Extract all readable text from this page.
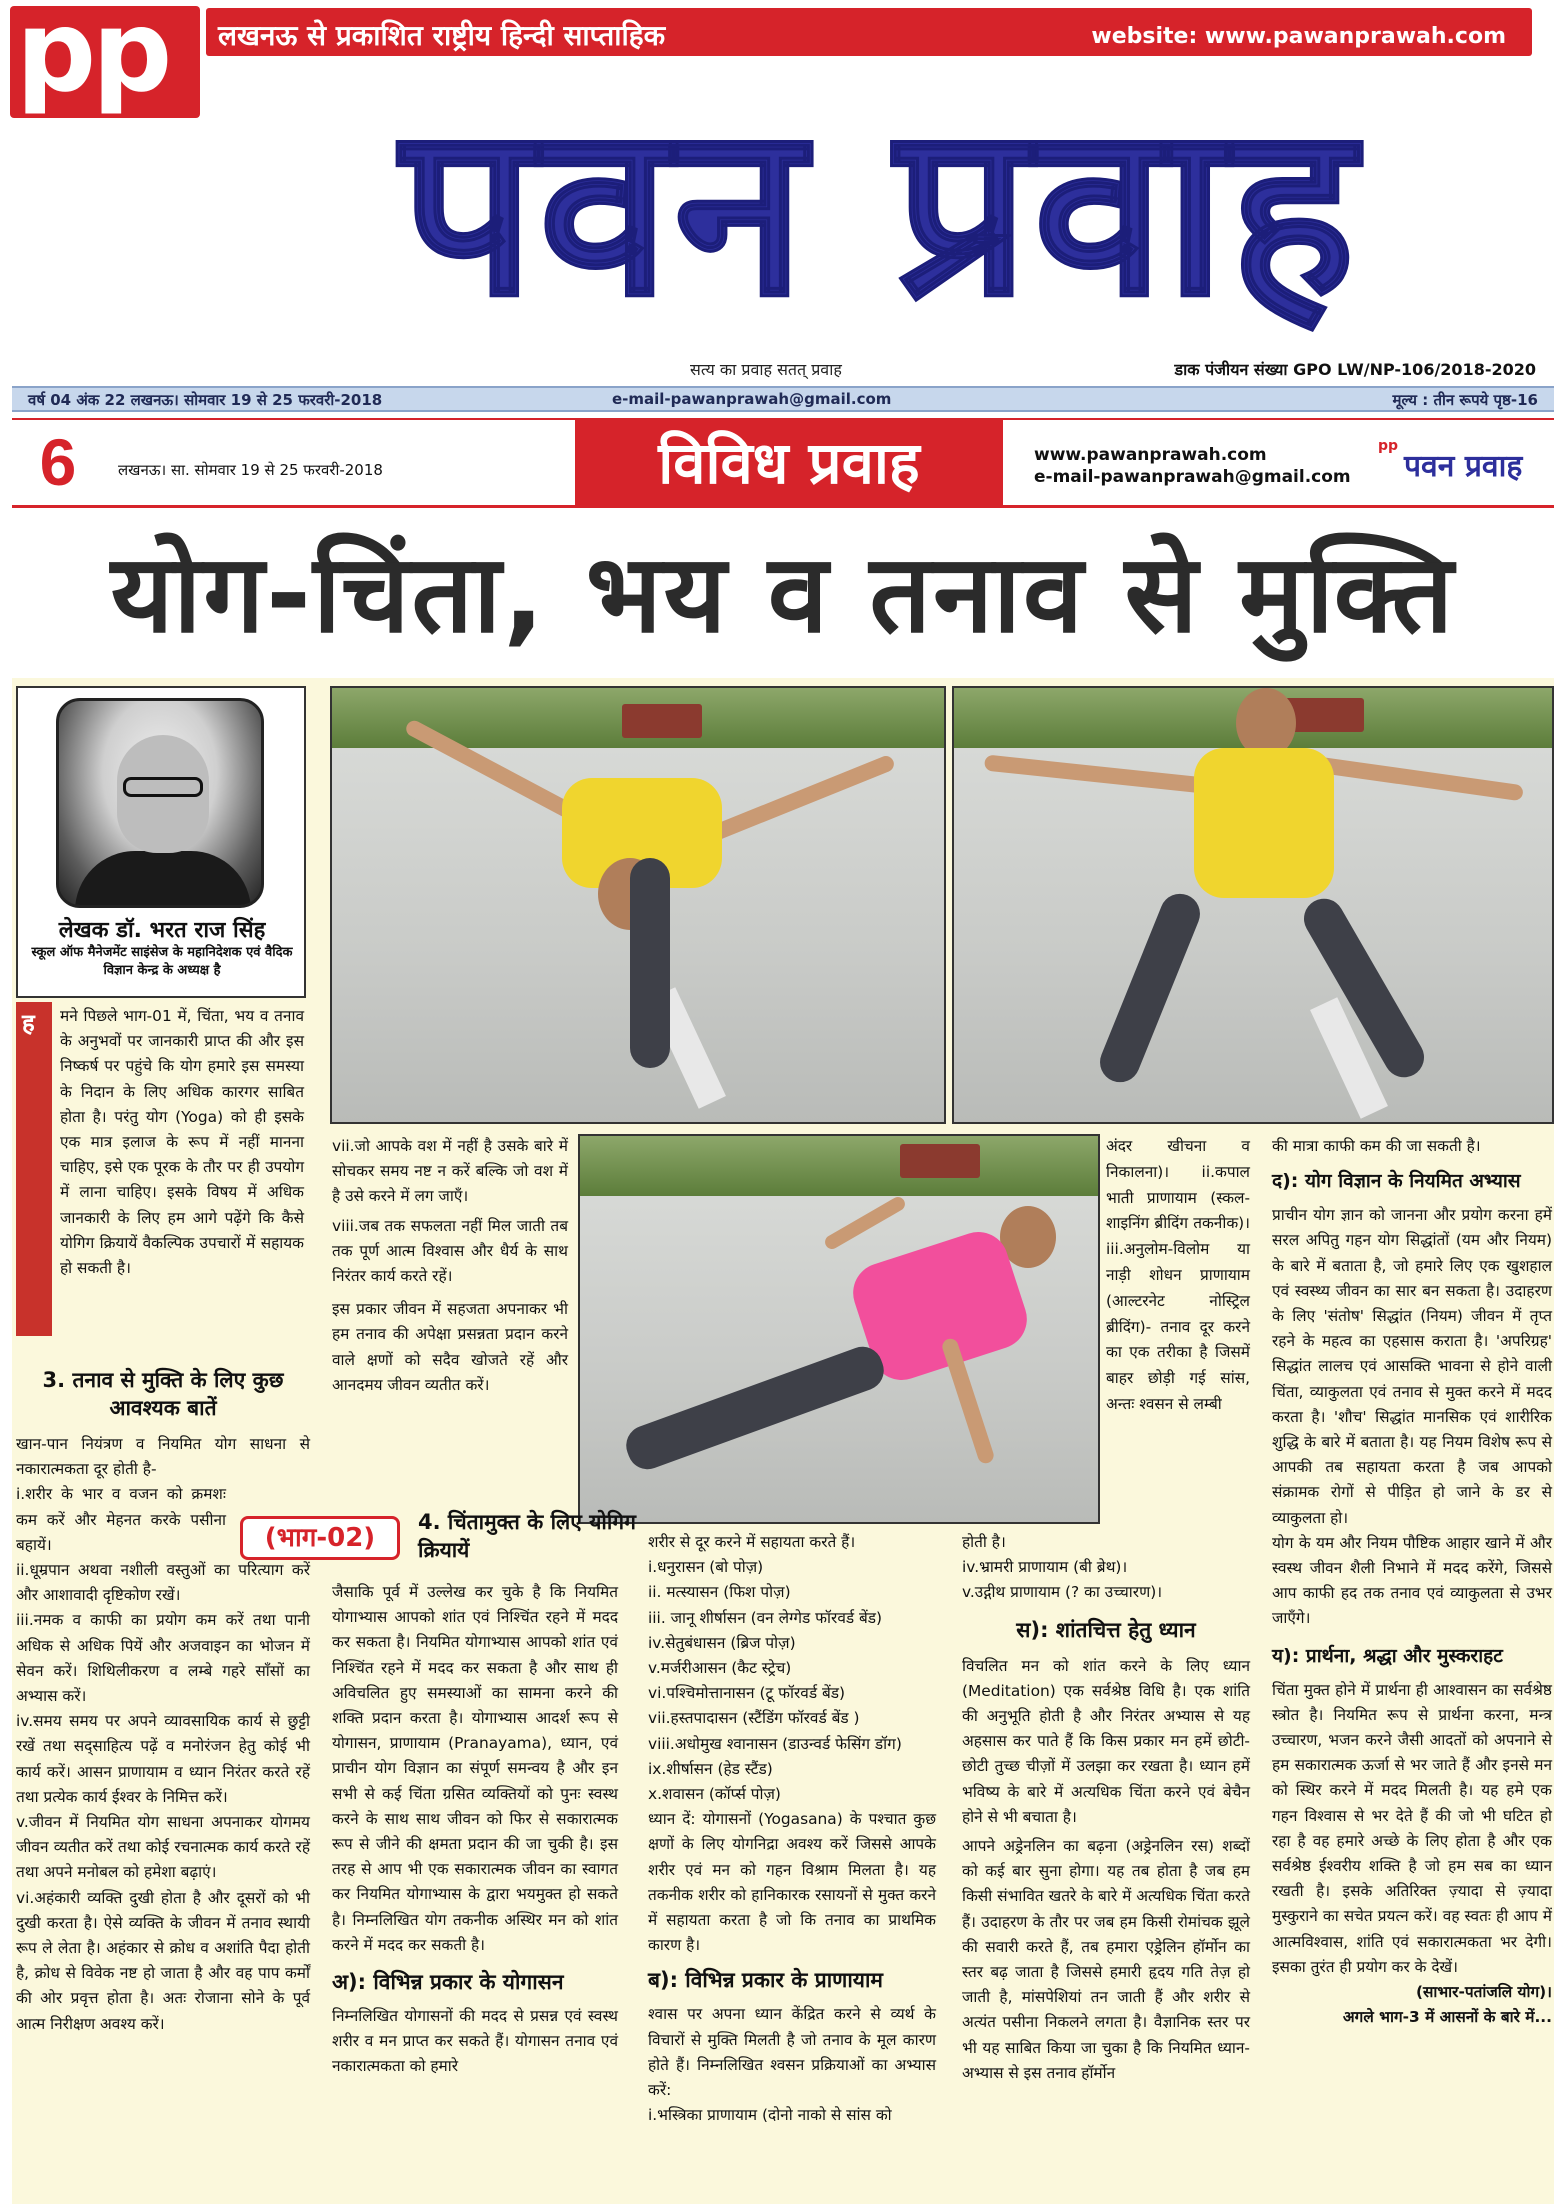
pp लखनऊ से प्रकाशित राष्ट्रीय हिन्दी साप्ताहिक	website: www.pawanprawah.com
पवन प्रवाह
सत्य का प्रवाह सतत् प्रवाह	डाक पंजीयन संख्या GPO LW/NP-106/2018-2020
वर्ष 04 अंक 22 लखनऊ। सोमवार 19 से 25 फरवरी-2018	e-mail-pawanprawah@gmail.com	मूल्य : तीन रूपये पृष्ठ-16
6	लखनऊ। सा. सोमवार 19 से 25 फरवरी-2018	विविध प्रवाह	www.pawanprawah.com
e-mail-pawanprawah@gmail.com
pp
पवन प्रवाह
योग-चिंता, भय व तनाव से मुक्ति
लेखक डॉ. भरत राज सिंह
स्कूल ऑफ मैनेजमेंट साइंसेज के महानिदेशक एवं वैदिक विज्ञान केन्द्र के अध्यक्ष है
ह मने पिछले भाग-01 में, चिंता, भय व तनाव के अनुभवों पर जानकारी प्राप्त की और इस निष्कर्ष पर पहुंचे कि योग हमारे इस समस्या के निदान के लिए अधिक कारगर साबित होता है। परंतु योग (Yoga) को ही इसके एक मात्र इलाज के रूप में नहीं मानना चाहिए, इसे एक पूरक के तौर पर ही उपयोग में लाना चाहिए। इसके विषय में अधिक जानकारी के लिए हम आगे पढ़ेंगे कि कैसे योगिग क्रियायें वैकल्पिक उपचारों में सहायक हो सकती है।

3. तनाव से मुक्ति के लिए कुछ आवश्यक बातें

खान-पान नियंत्रण व नियमित योग साधना से नकारात्मकता दूर होती है-

i.शरीर के भार व वजन को क्रमशः कम करें और मेहनत करके पसीना बहायें।

ii.धूम्रपान अथवा नशीली वस्तुओं का परित्याग करें और आशावादी दृष्टिकोण रखें।

iii.नमक व काफी का प्रयोग कम करें तथा पानी अधिक से अधिक पियें और अजवाइन का भोजन में सेवन करें। शिथिलीकरण व लम्बे गहरे साँसों का अभ्यास करें।

iv.समय समय पर अपने व्यावसायिक कार्य से छुट्टी रखें तथा सद्साहित्य पढ़ें व मनोरंजन हेतु कोई भी कार्य करें। आसन प्राणायाम व ध्यान निरंतर करते रहें तथा प्रत्येक कार्य ईश्वर के निमित्त करें।

v.जीवन में नियमित योग साधना अपनाकर योगमय जीवन व्यतीत करें तथा कोई रचनात्मक कार्य करते रहें तथा अपने मनोबल को हमेशा बढ़ाएं।

vi.अहंकारी व्यक्ति दुखी होता है और दूसरों को भी दुखी करता है। ऐसे व्यक्ति के जीवन में तनाव स्थायी रूप ले लेता है। अहंकार से क्रोध व अशांति पैदा होती है, क्रोध से विवेक नष्ट हो जाता है और वह पाप कर्मों की ओर प्रवृत्त होता है। अतः रोजाना सोने के पूर्व आत्म निरीक्षण अवश्य करें।

(भाग-02)
4. चिंतामुक्त के लिए योगिग क्रियायें

vii.जो आपके वश में नहीं है उसके बारे में सोचकर समय नष्ट न करें बल्कि जो वश में है उसे करने में लग जाएँ।

viii.जब तक सफलता नहीं मिल जाती तब तक पूर्ण आत्म विश्वास और धैर्य के साथ निरंतर कार्य करते रहें।

इस प्रकार जीवन में सहजता अपनाकर भी हम तनाव की अपेक्षा प्रसन्नता प्रदान करने वाले क्षणों को सदैव खोजते रहें और आनदमय जीवन व्यतीत करें।

जैसाकि पूर्व में उल्लेख कर चुके है कि नियमित योगाभ्यास आपको शांत एवं निश्चिंत रहने में मदद कर सकता है। नियमित योगाभ्यास आपको शांत एवं निश्चिंत रहने में मदद कर सकता है और साथ ही अविचलित हुए समस्याओं का सामना करने की शक्ति प्रदान करता है। योगाभ्यास आदर्श रूप से योगासन, प्राणायाम (Pranayama), ध्यान, एवं प्राचीन योग विज्ञान का संपूर्ण समन्वय है और इन सभी से कई चिंता ग्रसित व्यक्तियों को पुनः स्वस्थ करने के साथ साथ जीवन को फिर से सकारात्मक रूप से जीने की क्षमता प्रदान की जा चुकी है। इस तरह से आप भी एक सकारात्मक जीवन का स्वागत कर नियमित योगाभ्यास के द्वारा भयमुक्त हो सकते है। निम्नलिखित योग तकनीक अस्थिर मन को शांत करने में मदद कर सकती है।

अ): विभिन्न प्रकार के योगासन

निम्नलिखित योगासनों की मदद से प्रसन्न एवं स्वस्थ शरीर व मन प्राप्त कर सकते हैं। योगासन तनाव एवं नकारात्मकता को हमारे

शरीर से दूर करने में सहायता करते हैं।

i.धनुरासन (बो पोज़)

ii. मत्स्यासन (फिश पोज़)

iii. जानू शीर्षासन (वन लेग्गेड फॉरवर्ड बेंड)

iv.सेतुबंधासन (ब्रिज पोज़)

v.मर्जरीआसन (कैट स्ट्रेच)

vi.पश्चिमोत्तानासन (टू फॉरवर्ड बेंड)

vii.हस्तपादासन (स्टैंडिंग फॉरवर्ड बेंड )

viii.अधोमुख श्वानासन (डाउन्वर्ड फेसिंग डॉग)

ix.शीर्षासन (हेड स्टैंड)

x.शवासन (कॉर्प्स पोज़)

ध्यान दें: योगासनों (Yogasana) के पश्चात कुछ क्षणों के लिए योगनिद्रा अवश्य करें जिससे आपके शरीर एवं मन को गहन विश्राम मिलता है। यह तकनीक शरीर को हानिकारक रसायनों से मुक्त करने में सहायता करता है जो कि तनाव का प्राथमिक कारण है।

ब): विभिन्न प्रकार के प्राणायाम

श्वास पर अपना ध्यान केंद्रित करने से व्यर्थ के विचारों से मुक्ति मिलती है जो तनाव के मूल कारण होते हैं। निम्नलिखित श्वसन प्रक्रियाओं का अभ्यास करें:

i.भस्त्रिका प्राणायाम (दोनो नाको से सांस को

अंदर खीचना व निकालना)। ii.कपाल भाती प्राणायाम (स्कल-शाइनिंग ब्रीदिंग तकनीक)। iii.अनुलोम-विलोम या नाड़ी शोधन प्राणायाम (आल्टरनेट नोस्ट्रिल ब्रीदिंग)- तनाव दूर करने का एक तरीका है जिसमें बाहर छोड़ी गई सांस, अन्तः श्वसन से लम्बी

होती है।

iv.भ्रामरी प्राणायाम (बी ब्रेथ)।

v.उद्गीथ प्राणायाम (? का उच्चारण)।

स): शांतचित्त हेतु ध्यान

विचलित मन को शांत करने के लिए ध्यान (Meditation) एक सर्वश्रेष्ठ विधि है। एक शांति की अनुभूति होती है और निरंतर अभ्यास से यह अहसास कर पाते हैं कि किस प्रकार मन हमें छोटी-छोटी तुच्छ चीज़ों में उलझा कर रखता है। ध्यान हमें भविष्य के बारे में अत्यधिक चिंता करने एवं बेचैन होने से भी बचाता है।

आपने अड्रेनलिन का बढ़ना (अड्रेनलिन रस) शब्दों को कई बार सुना होगा। यह तब होता है जब हम किसी संभावित खतरे के बारे में अत्यधिक चिंता करते हैं। उदाहरण के तौर पर जब हम किसी रोमांचक झूले की सवारी करते हैं, तब हमारा एड्रेलिन हॉर्मोन का स्तर बढ़ जाता है जिससे हमारी हृदय गति तेज़ हो जाती है, मांसपेशियां तन जाती हैं और शरीर से अत्यंत पसीना निकलने लगता है। वैज्ञानिक स्तर पर भी यह साबित किया जा चुका है कि नियमित ध्यान-अभ्यास से इस तनाव हॉर्मोन

की मात्रा काफी कम की जा सकती है।

द): योग विज्ञान के नियमित अभ्यास

प्राचीन योग ज्ञान को जानना और प्रयोग करना हमें सरल अपितु गहन योग सिद्धांतों (यम और नियम) के बारे में बताता है, जो हमारे लिए एक खुशहाल एवं स्वस्थ्य जीवन का सार बन सकता है। उदाहरण के लिए 'संतोष' सिद्धांत (नियम) जीवन में तृप्त रहने के महत्व का एहसास कराता है। 'अपरिग्रह' सिद्धांत लालच एवं आसक्ति भावना से होने वाली चिंता, व्याकुलता एवं तनाव से मुक्त करने में मदद करता है। 'शौच' सिद्धांत मानसिक एवं शारीरिक शुद्धि के बारे में बताता है। यह नियम विशेष रूप से आपकी तब सहायता करता है जब आपको संक्रामक रोगों से पीड़ित हो जाने के डर से व्याकुलता हो।

योग के यम और नियम पौष्टिक आहार खाने में और स्वस्थ जीवन शैली निभाने में मदद करेंगे, जिससे आप काफी हद तक तनाव एवं व्याकुलता से उभर जाएँगे।

य): प्रार्थना, श्रद्धा और मुस्कराहट

चिंता मुक्त होने में प्रार्थना ही आश्वासन का सर्वश्रेष्ठ स्त्रोत है। नियमित रूप से प्रार्थना करना, मन्त्र उच्चारण, भजन करने जैसी आदतों को अपनाने से हम सकारात्मक ऊर्जा से भर जाते हैं और इनसे मन को स्थिर करने में मदद मिलती है। यह हमे एक गहन विश्वास से भर देते हैं की जो भी घटित हो रहा है वह हमारे अच्छे के लिए होता है और एक सर्वश्रेष्ठ ईश्वरीय शक्ति है जो हम सब का ध्यान रखती है। इसके अतिरिक्त ज़्यादा से ज़्यादा मुस्कुराने का सचेत प्रयत्न करें। वह स्वतः ही आप में आत्मविश्वास, शांति एवं सकारात्मकता भर देगी। इसका तुरंत ही प्रयोग कर के देखें।

(साभार-पतांजलि योग)।

अगले भाग-3 में आसनों के बारे में...
